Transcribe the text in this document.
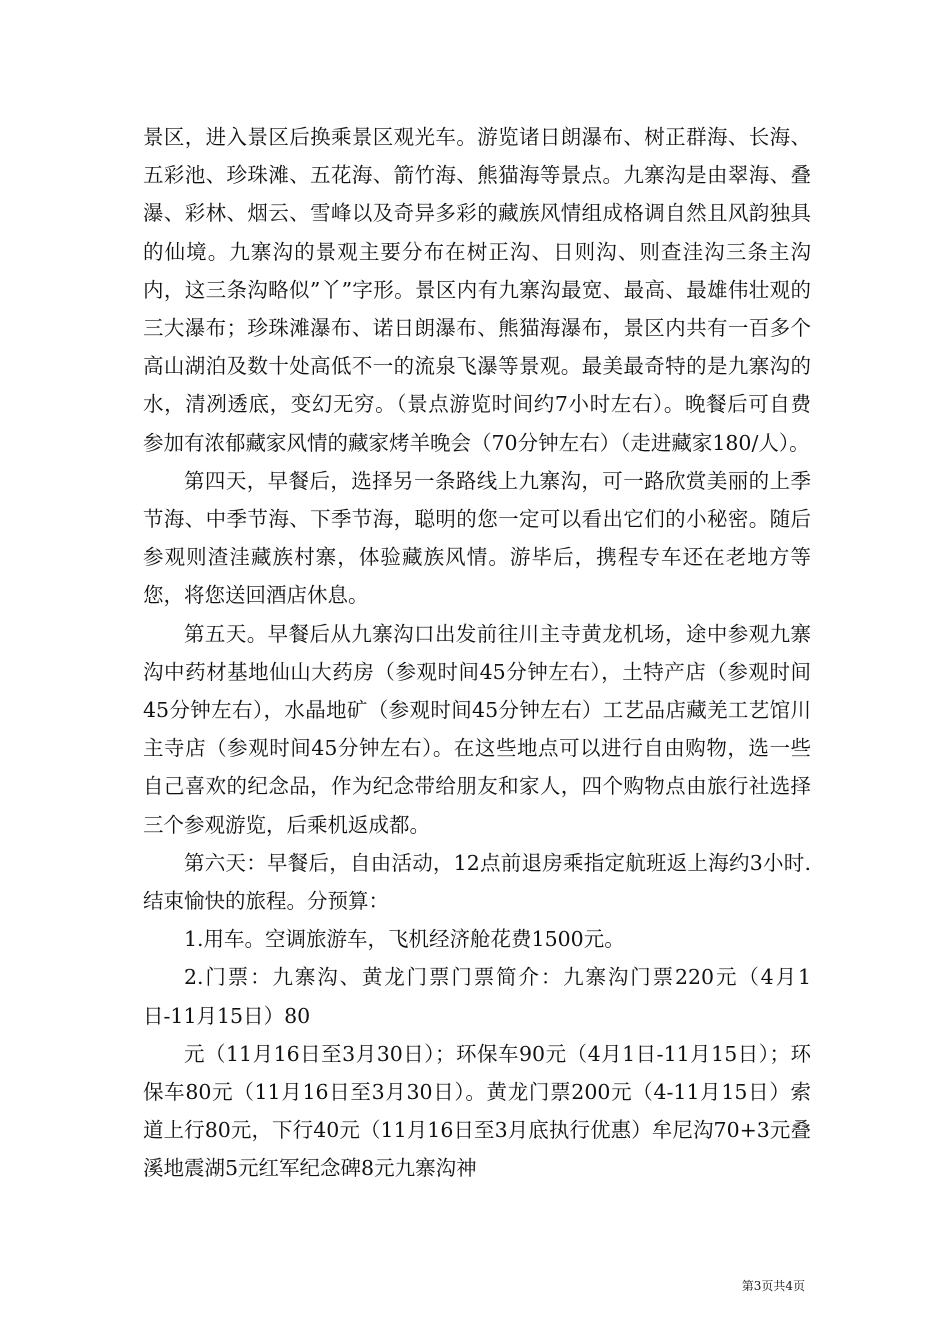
景区，进入景区后换乘景区观光车。游览诸日朗瀑布、树正群海、长海、五彩池、珍珠滩、五花海、箭竹海、熊猫海等景点。九寨沟是由翠海、叠瀑、彩林、烟云、雪峰以及奇异多彩的藏族风情组成格调自然且风韵独具的仙境。九寨沟的景观主要分布在树正沟、日则沟、则查洼沟三条主沟内，这三条沟略似”丫”字形。景区内有九寨沟最宽、最高、最雄伟壮观的三大瀑布；珍珠滩瀑布、诺日朗瀑布、熊猫海瀑布，景区内共有一百多个高山湖泊及数十处高低不一的流泉飞瀑等景观。最美最奇特的是九寨沟的水，清冽透底，变幻无穷。（景点游览时间约7小时左右）。晚餐后可自费参加有浓郁藏家风情的藏家烤羊晚会（70分钟左右）（走进藏家180/人）。

第四天，早餐后，选择另一条路线上九寨沟，可一路欣赏美丽的上季节海、中季节海、下季节海，聪明的您一定可以看出它们的小秘密。随后参观则渣洼藏族村寨，体验藏族风情。游毕后，携程专车还在老地方等您，将您送回酒店休息。

第五天。早餐后从九寨沟口出发前往川主寺黄龙机场，途中参观九寨沟中药材基地仙山大药房（参观时间45分钟左右），土特产店（参观时间45分钟左右），水晶地矿（参观时间45分钟左右）工艺品店藏羌工艺馆川主寺店（参观时间45分钟左右）。在这些地点可以进行自由购物，选一些自己喜欢的纪念品，作为纪念带给朋友和家人，四个购物点由旅行社选择三个参观游览，后乘机返成都。

第六天：早餐后，自由活动，12点前退房乘指定航班返上海约3小时.结束愉快的旅程。分预算：

1.用车。空调旅游车，飞机经济舱花费1500元。

2.门票：九寨沟、黄龙门票门票简介：九寨沟门票220元（4月1日-11月15日）80

元（11月16日至3月30日）；环保车90元（4月1日-11月15日）；环保车80元（11月16日至3月30日）。黄龙门票200元（4-11月15日）索道上行80元，下行40元（11月16日至3月底执行优惠）牟尼沟70+3元叠溪地震湖5元红军纪念碑8元九寨沟神

第3页共4页
